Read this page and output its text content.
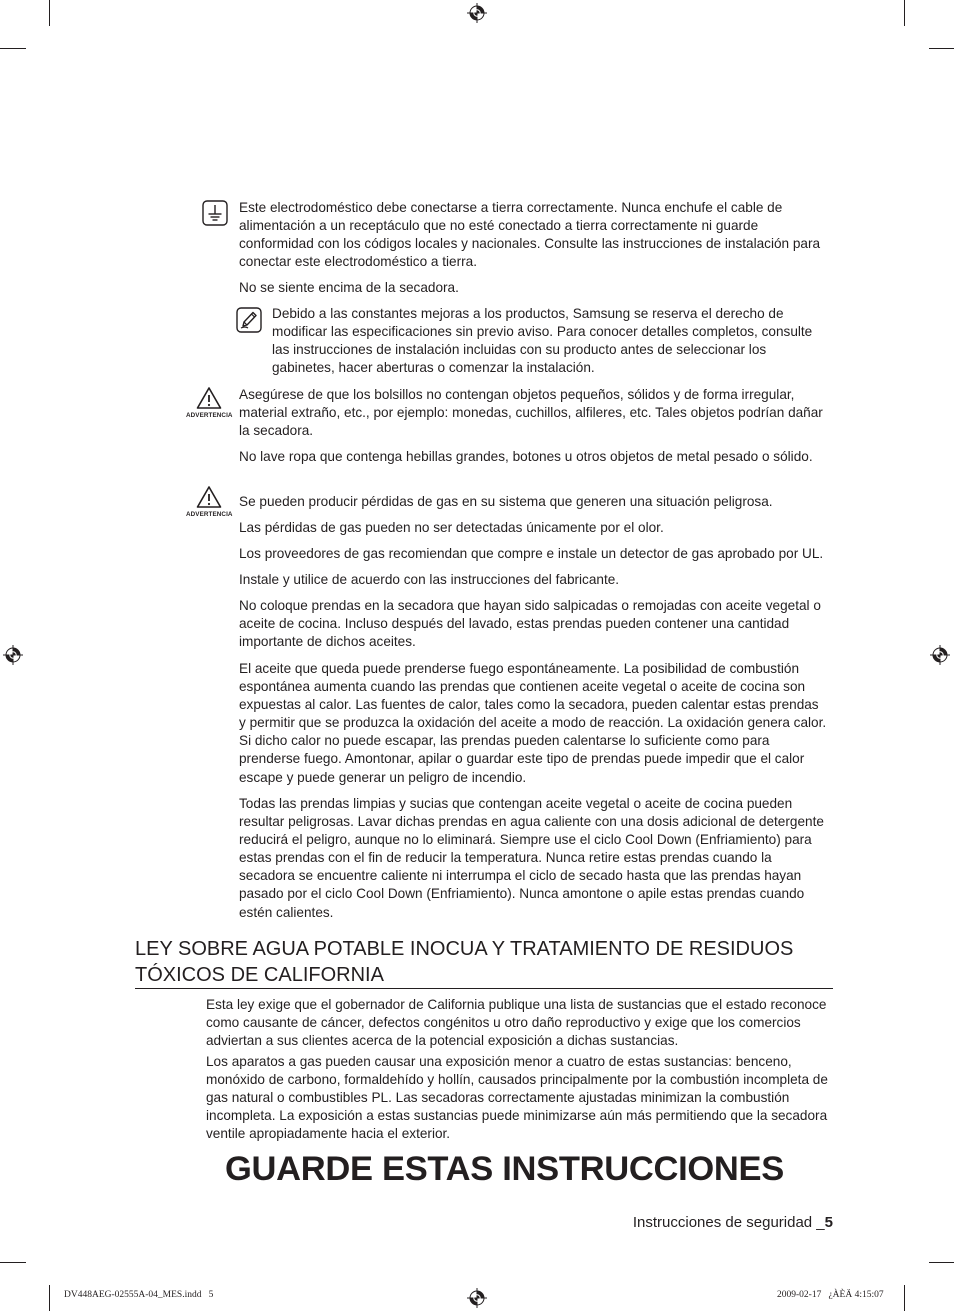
Este electrodoméstico debe conectarse a tierra correctamente. Nunca enchufe el cable de alimentación a un receptáculo que no esté conectado a tierra correctamente ni guarde conformidad con los códigos locales y nacionales. Consulte las instrucciones de instalación para conectar este electrodoméstico a tierra.

No se siente encima de la secadora.

Debido a las constantes mejoras a los productos, Samsung se reserva el derecho de modificar las especificaciones sin previo aviso. Para conocer detalles completos, consulte las instrucciones de instalación incluidas con su producto antes de seleccionar los gabinetes, hacer aberturas o comenzar la instalación.

ADVERTENCIA

Asegúrese de que los bolsillos no contengan objetos pequeños, sólidos y de forma irregular, material extraño, etc., por ejemplo: monedas, cuchillos, alfileres, etc. Tales objetos podrían dañar la secadora.

No lave ropa que contenga hebillas grandes, botones u otros objetos de metal pesado o sólido.

ADVERTENCIA

Se pueden producir pérdidas de gas en su sistema que generen una situación peligrosa.

Las pérdidas de gas pueden no ser detectadas únicamente por el olor.

Los proveedores de gas recomiendan que compre e instale un detector de gas aprobado por UL.

Instale y utilice de acuerdo con las instrucciones del fabricante.

No coloque prendas en la secadora que hayan sido salpicadas o remojadas con aceite vegetal o aceite de cocina. Incluso después del lavado, estas prendas pueden contener una cantidad importante de dichos aceites.

El aceite que queda puede prenderse fuego espontáneamente. La posibilidad de combustión espontánea aumenta cuando las prendas que contienen aceite vegetal o aceite de cocina son expuestas al calor. Las fuentes de calor, tales como la secadora, pueden calentar estas prendas y permitir que se produzca la oxidación del aceite a modo de reacción. La oxidación genera calor. Si dicho calor no puede escapar, las prendas pueden calentarse lo suficiente como para prenderse fuego. Amontonar, apilar o guardar este tipo de prendas puede impedir que el calor escape y puede generar un peligro de incendio.

Todas las prendas limpias y sucias que contengan aceite vegetal o aceite de cocina pueden resultar peligrosas. Lavar dichas prendas en agua caliente con una dosis adicional de detergente reducirá el peligro, aunque no lo eliminará. Siempre use el ciclo Cool Down (Enfriamiento) para estas prendas con el fin de reducir la temperatura. Nunca retire estas prendas cuando la secadora se encuentre caliente ni interrumpa el ciclo de secado hasta que las prendas hayan pasado por el ciclo Cool Down (Enfriamiento). Nunca amontone o apile estas prendas cuando estén calientes.

LEY SOBRE AGUA POTABLE INOCUA Y TRATAMIENTO DE RESIDUOS
TÓXICOS DE CALIFORNIA

Esta ley exige que el gobernador de California publique una lista de sustancias que el estado reconoce como causante de cáncer, defectos congénitos u otro daño reproductivo y exige que los comercios adviertan a sus clientes acerca de la potencial exposición a dichas sustancias.

Los aparatos a gas pueden causar una exposición menor a cuatro de estas sustancias: benceno, monóxido de carbono, formaldehído y hollín, causados principalmente por la combustión incompleta de gas natural o combustibles PL. Las secadoras correctamente ajustadas minimizan la combustión incompleta. La exposición a estas sustancias puede minimizarse aún más permitiendo que la secadora ventile apropiadamente hacia el exterior.

GUARDE ESTAS INSTRUCCIONES
Instrucciones de seguridad _5
DV448AEG-02555A-04_MES.indd   5	2009-02-17   ¿ÀÈÄ 4:15:07
